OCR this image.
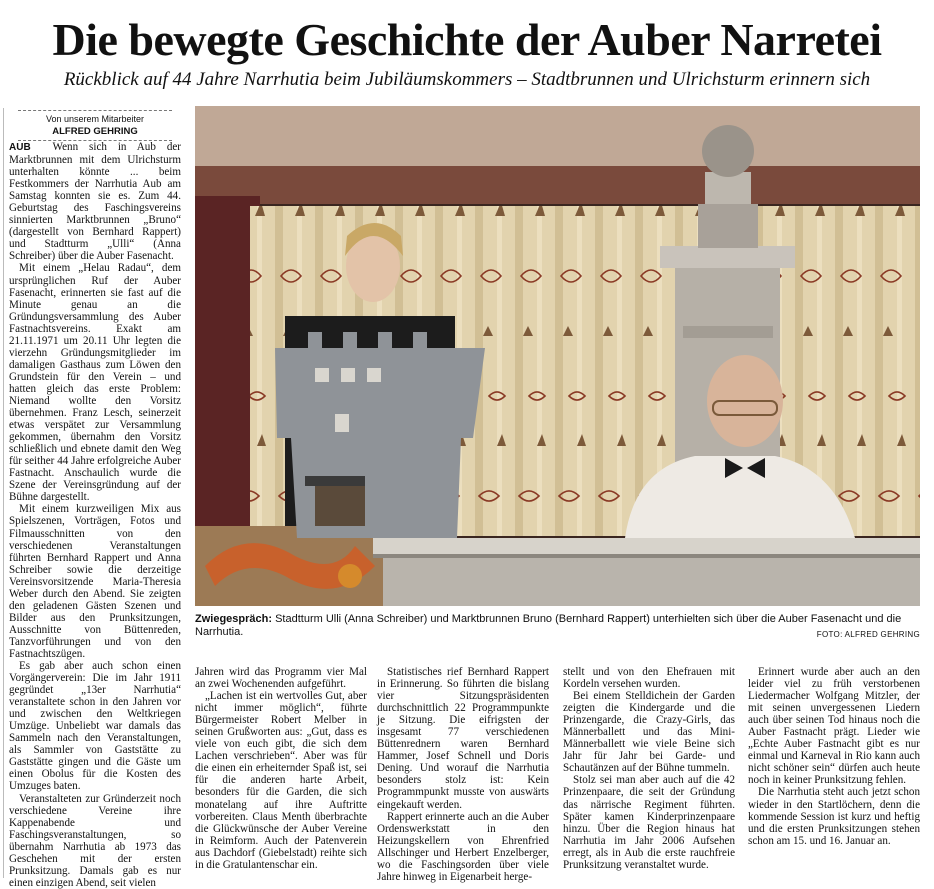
Die bewegte Geschichte der Auber Narretei
Rückblick auf 44 Jahre Narrhutia beim Jubiläumskommers – Stadtbrunnen und Ulrichsturm erinnern sich
Von unserem Mitarbeiter
ALFRED GEHRING

AUB Wenn sich in Aub der Marktbrunnen mit dem Ulrichsturm unterhalten könnte ... beim Festkommers der Narrhutia Aub am Samstag konnten sie es. Zum 44. Geburtstag des Faschingsvereins sinnierten Marktbrunnen „Bruno“ (dargestellt von Bernhard Rappert) und Stadtturm „Ulli“ (Anna Schreiber) über die Auber Fasenacht.

Mit einem „Helau Radau“, dem ursprünglichen Ruf der Auber Fasenacht, erinnerten sie fast auf die Minute genau an die Gründungsversammlung des Auber Fastnachtsvereins. Exakt am 21.11.1971 um 20.11 Uhr legten die vierzehn Gründungsmitglieder im damaligen Gasthaus zum Löwen den Grundstein für den Verein – und hatten gleich das erste Problem: Niemand wollte den Vorsitz übernehmen. Franz Lesch, seinerzeit etwas verspätet zur Versammlung gekommen, übernahm den Vorsitz schließlich und ebnete damit den Weg für seither 44 Jahre erfolgreiche Auber Fastnacht. Anschaulich wurde die Szene der Vereinsgründung auf der Bühne dargestellt.

Mit einem kurzweiligen Mix aus Spielszenen, Vorträgen, Fotos und Filmausschnitten von den verschiedenen Veranstaltungen führten Bernhard Rappert und Anna Schreiber sowie die derzeitige Vereinsvorsitzende Maria-Theresia Weber durch den Abend. Sie zeigten den geladenen Gästen Szenen und Bilder aus den Prunksitzungen, Ausschnitte von Büttenreden, Tanzvorführungen und von den Fastnachtszügen.

Es gab aber auch schon einen Vorgängerverein: Die im Jahr 1911 gegründet „13er Narrhutia“ veranstaltete schon in den Jahren vor und zwischen den Weltkriegen Umzüge. Unbeliebt war damals das Sammeln nach den Veranstaltungen, als Sammler von Gaststätte zu Gaststätte gingen und die Gäste um einen Obolus für die Kosten des Umzuges baten.

Veranstalteten zur Gründerzeit noch verschiedene Vereine ihre Kappenabende und Faschingsveranstaltungen, so übernahm Narrhutia ab 1973 das Geschehen mit der ersten Prunksitzung. Damals gab es nur einen einzigen Abend, seit vielen

Zwiegespräch: Stadtturm Ulli (Anna Schreiber) und Marktbrunnen Bruno (Bernhard Rappert) unterhielten sich über die Auber Fasenacht und die Narrhutia.	FOTO: ALFRED GEHRING

Jahren wird das Programm vier Mal an zwei Wochenenden aufgeführt.

„Lachen ist ein wertvolles Gut, aber nicht immer möglich“, führte Bürgermeister Robert Melber in seinen Grußworten aus: „Gut, dass es viele von euch gibt, die sich dem Lachen verschrieben“. Aber was für die einen ein erheiternder Spaß ist, sei für die anderen harte Arbeit, besonders für die Garden, die sich monatelang auf ihre Auftritte vorbereiten. Claus Menth überbrachte die Glückwünsche der Auber Vereine in Reimform. Auch der Patenverein aus Dachdorf (Giebelstadt) reihte sich in die Gratulantenschar ein.

Statistisches rief Bernhard Rappert in Erinnerung. So führten die bislang vier Sitzungspräsidenten durchschnittlich 22 Programmpunkte je Sitzung. Die eifrigsten der insgesamt 77 verschiedenen Büttenrednern waren Bernhard Hammer, Josef Schnell und Doris Dening. Und worauf die Narrhutia besonders stolz ist: Kein Programmpunkt musste von auswärts eingekauft werden.

Rappert erinnerte auch an die Auber Ordenswerkstatt in den Heizungskellern von Ehrenfried Allschinger und Herbert Enzelberger, wo die Faschingsorden über viele Jahre hinweg in Eigenarbeit herge-

stellt und von den Ehefrauen mit Kordeln versehen wurden.

Bei einem Stelldichein der Garden zeigten die Kindergarde und die Prinzengarde, die Crazy-Girls, das Männerballett und das Mini-Männerballett wie viele Beine sich Jahr für Jahr bei Garde- und Schautänzen auf der Bühne tummeln.

Stolz sei man aber auch auf die 42 Prinzenpaare, die seit der Gründung das närrische Regiment führten. Später kamen Kinderprinzenpaare hinzu. Über die Region hinaus hat Narrhutia im Jahr 2006 Aufsehen erregt, als in Aub die erste rauchfreie Prunksitzung veranstaltet wurde.

Erinnert wurde aber auch an den leider viel zu früh verstorbenen Liedermacher Wolfgang Mitzler, der mit seinen unvergessenen Liedern auch über seinen Tod hinaus noch die Auber Fastnacht prägt. Lieder wie „Echte Auber Fastnacht gibt es nur einmal und Karneval in Rio kann auch nicht schöner sein“ dürfen auch heute noch in keiner Prunksitzung fehlen.

Die Narrhutia steht auch jetzt schon wieder in den Startlöchern, denn die kommende Session ist kurz und heftig und die ersten Prunksitzungen stehen schon am 15. und 16. Januar an.
